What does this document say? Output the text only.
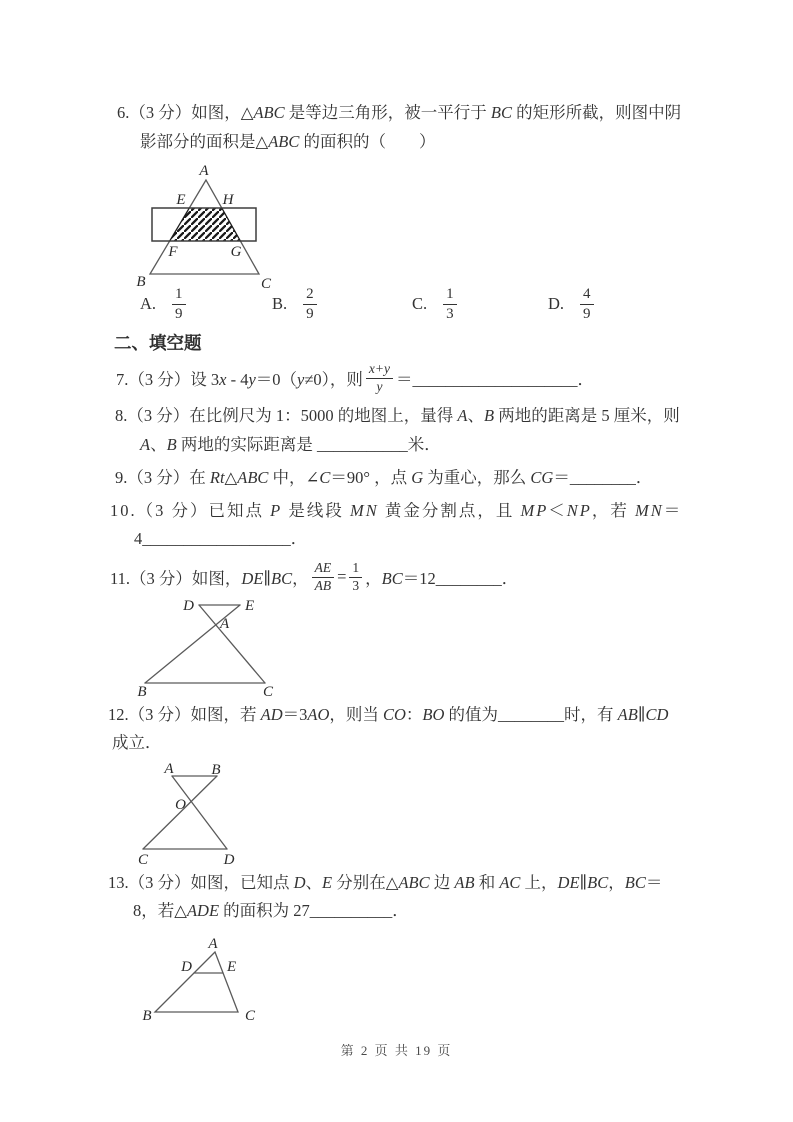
6.（3 分）如图，△ABC 是等边三角形，被一平行于 BC 的矩形所截，则图中阴
影部分的面积是△ABC 的面积的（　　）
A
E H
F	G
B	C
A. $\frac{1}{9}$	B. $\frac{2}{9}$	C. $\frac{1}{3}$	D. $\frac{4}{9}$
二、填空题
7.（3 分）设 3x - 4y＝0（y≠0），则 $\frac{x+y}{y}$ ＝____________________．
8.（3 分）在比例尺为 1：5000 的地图上，量得 A、B 两地的距离是 5 厘米，则
A、B 两地的实际距离是 ___________米．
9.（3 分）在 Rt△ABC 中，∠C＝90° ，点 G 为重心，那么 CG＝________．
10.（3 分）已知点 P 是线段 MN 黄金分割点，且 MP＜NP，若 MN＝
4__________________．
11.（3 分）如图，DE∥BC， $\frac{AE}{AB} = \frac{1}{3}$ ，BC＝12________．
D	E
A
B	C
12.（3 分）如图，若 AD＝3AO，则当 CO：BO 的值为________时，有 AB∥CD
成立．
A	B
O
C	D
13.（3 分）如图，已知点 D、E 分别在△ABC 边 AB 和 AC 上，DE∥BC，BC＝
8，若△ADE 的面积为 27__________．
A
D E
B	C
第 2 页 共 19 页
